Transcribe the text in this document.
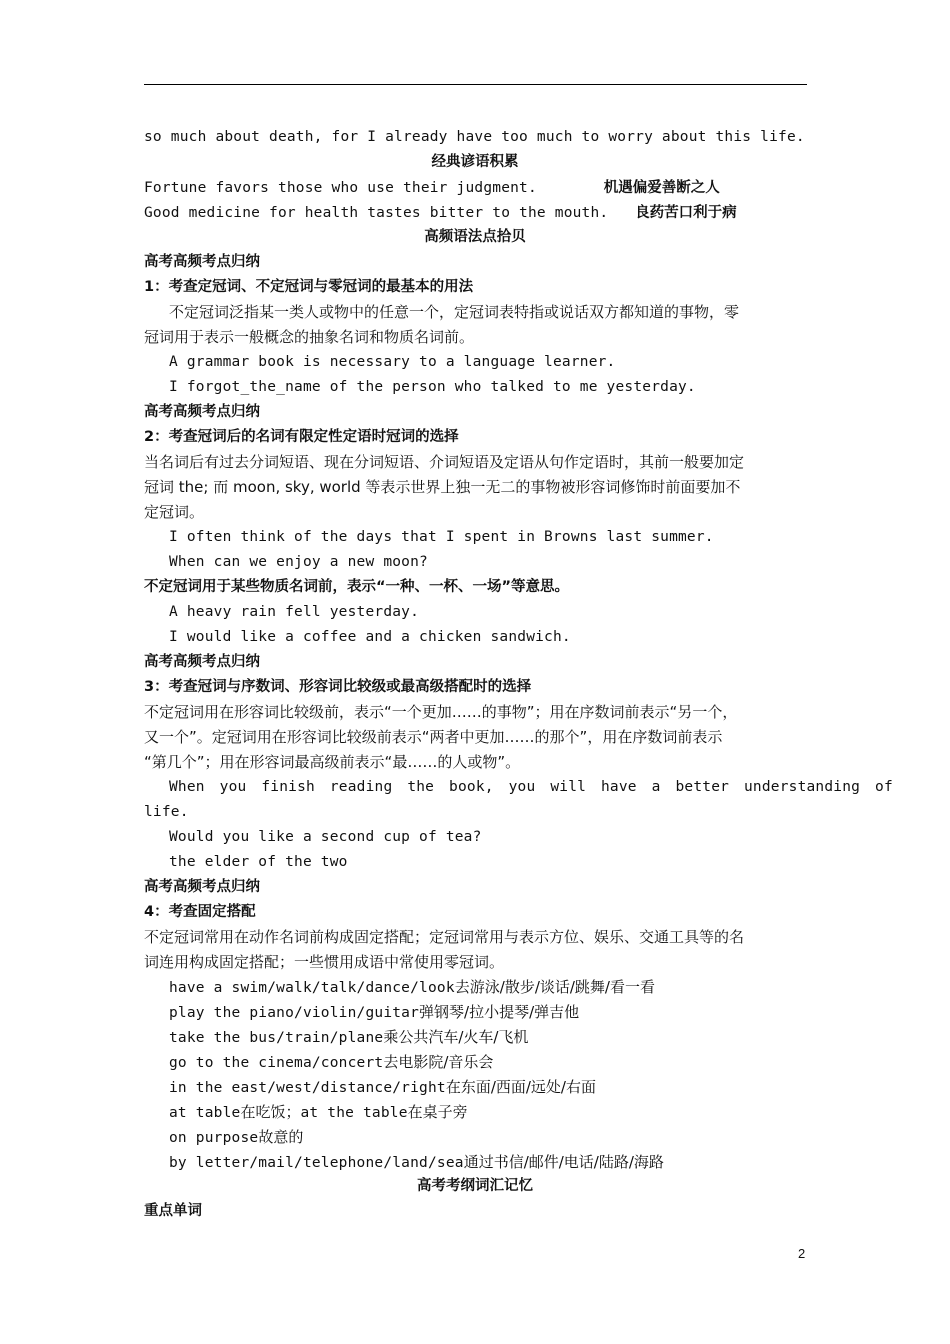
so much about death, for I already have too much to worry about this life.
经典谚语积累
Fortune favors those who use their judgment.	机遇偏爱善断之人
Good medicine for health tastes bitter to the mouth. 良药苦口利于病
高频语法点拾贝
高考高频考点归纳
1：考查定冠词、不定冠词与零冠词的最基本的用法
不定冠词泛指某一类人或物中的任意一个，定冠词表特指或说话双方都知道的事物，零
冠词用于表示一般概念的抽象名词和物质名词前。
A grammar book is necessary to a language learner.
I forgot_the_name of the person who talked to me yesterday.
高考高频考点归纳
2：考查冠词后的名词有限定性定语时冠词的选择
当名词后有过去分词短语、现在分词短语、介词短语及定语从句作定语时，其前一般要加定
冠词 the; 而 moon, sky, world 等表示世界上独一无二的事物被形容词修饰时前面要加不
定冠词。
I often think of the days that I spent in Browns last summer.
When can we enjoy a new moon?
不定冠词用于某些物质名词前，表示“一种、一杯、一场”等意思。
A heavy rain fell yesterday.
I would like a coffee and a chicken sandwich.
高考高频考点归纳
3：考查冠词与序数词、形容词比较级或最高级搭配时的选择
不定冠词用在形容词比较级前，表示“一个更加……的事物”；用在序数词前表示“另一个，
又一个”。定冠词用在形容词比较级前表示“两者中更加……的那个”，用在序数词前表示
“第几个”；用在形容词最高级前表示“最……的人或物”。
When you finish reading the book, you will have a better understanding of
life.
Would you like a second cup of tea?
the elder of the two
高考高频考点归纳
4：考查固定搭配
不定冠词常用在动作名词前构成固定搭配；定冠词常用与表示方位、娱乐、交通工具等的名
词连用构成固定搭配；一些惯用成语中常使用零冠词。
have a swim/walk/talk/dance/look去游泳/散步/谈话/跳舞/看一看
play the piano/violin/guitar弹钢琴/拉小提琴/弹吉他
take the bus/train/plane乘公共汽车/火车/飞机
go to the cinema/concert去电影院/音乐会
in the east/west/distance/right在东面/西面/远处/右面
at table在吃饭；at the table在桌子旁
on purpose故意的
by letter/mail/telephone/land/sea通过书信/邮件/电话/陆路/海路
高考考纲词汇记忆
重点单词
2
